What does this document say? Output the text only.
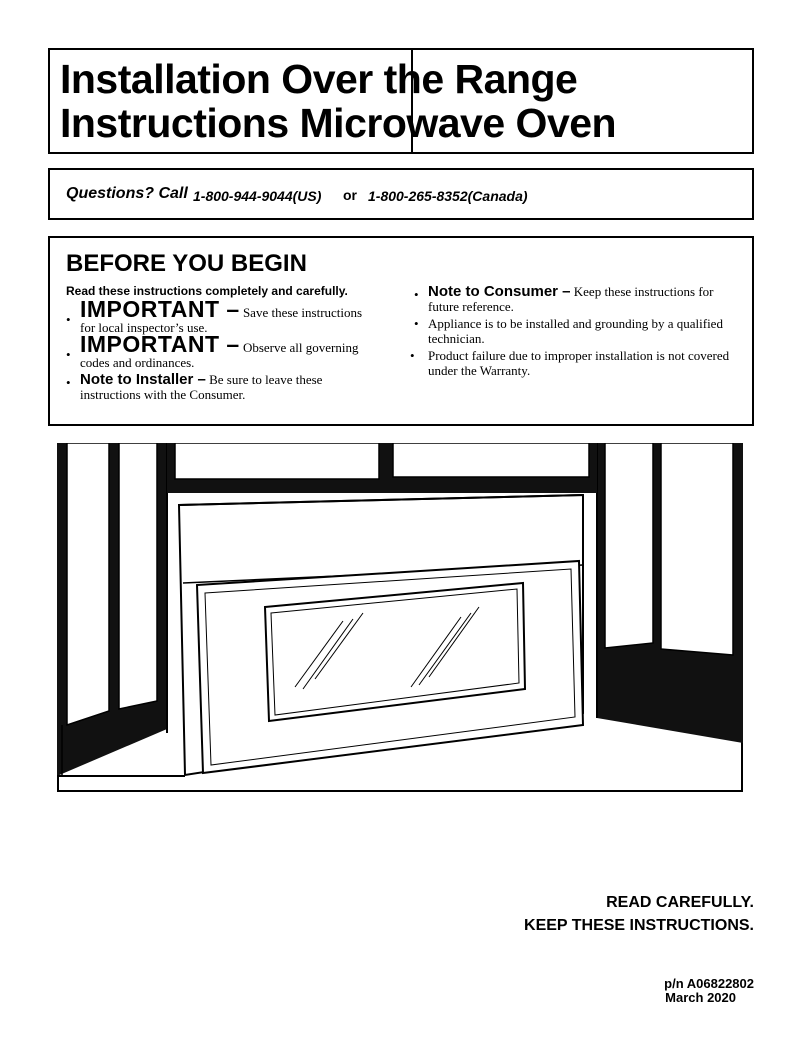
Installation Over the Range
Instructions Microwave Oven
Questions? Call 1-800-944-9044(US) or 1-800-265-8352(Canada)
BEFORE YOU BEGIN
Read these instructions completely and carefully.
• IMPORTANT – Save these instructions for local inspector’s use.
• IMPORTANT – Observe all governing codes and ordinances.
• Note to Installer – Be sure to leave these instructions with the Consumer.
• Note to Consumer – Keep these instructions for future reference.
• Appliance is to be installed and grounding by a qualified technician.
• Product failure due to improper installation is not covered under the Warranty.
READ CAREFULLY.
KEEP THESE INSTRUCTIONS.
p/n A06822802
March 2020
